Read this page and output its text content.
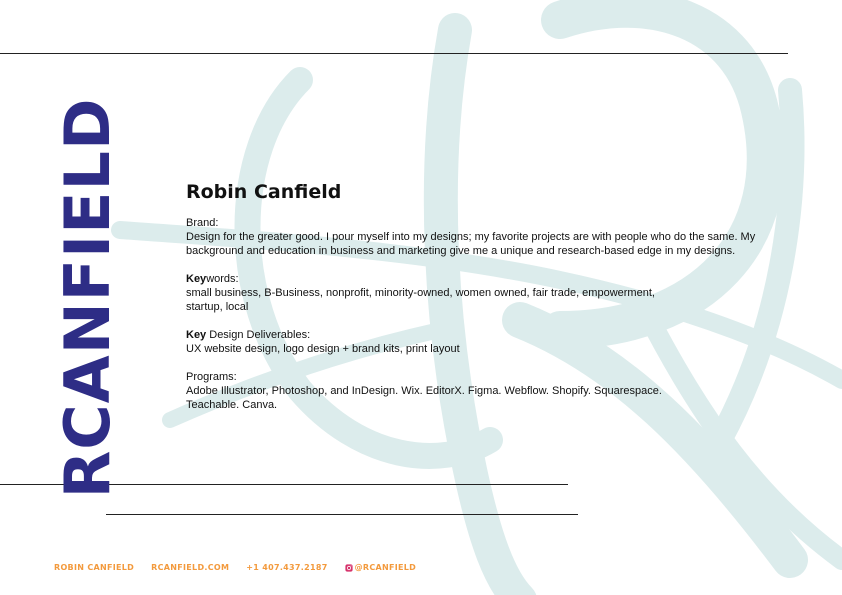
RCANFIELD	Robin Canfield

Brand:

Design for the greater good. I pour myself into my designs; my favorite projects are with people who do the same. My background and education in business and marketing give me a unique and research-based edge in my designs.

Keywords:

small business, B-Business, nonprofit, minority-owned, women owned, fair trade, empowerment,

startup, local

Key Design Deliverables:

UX website design, logo design + brand kits, print layout

Programs:

Adobe Illustrator, Photoshop, and InDesign. Wix. EditorX. Figma. Webflow. Shopify. Squarespace.

Teachable. Canva.

ROBIN CANFIELD RCANFIELD.COM +1 407.437.2187	@RCANFIELD
